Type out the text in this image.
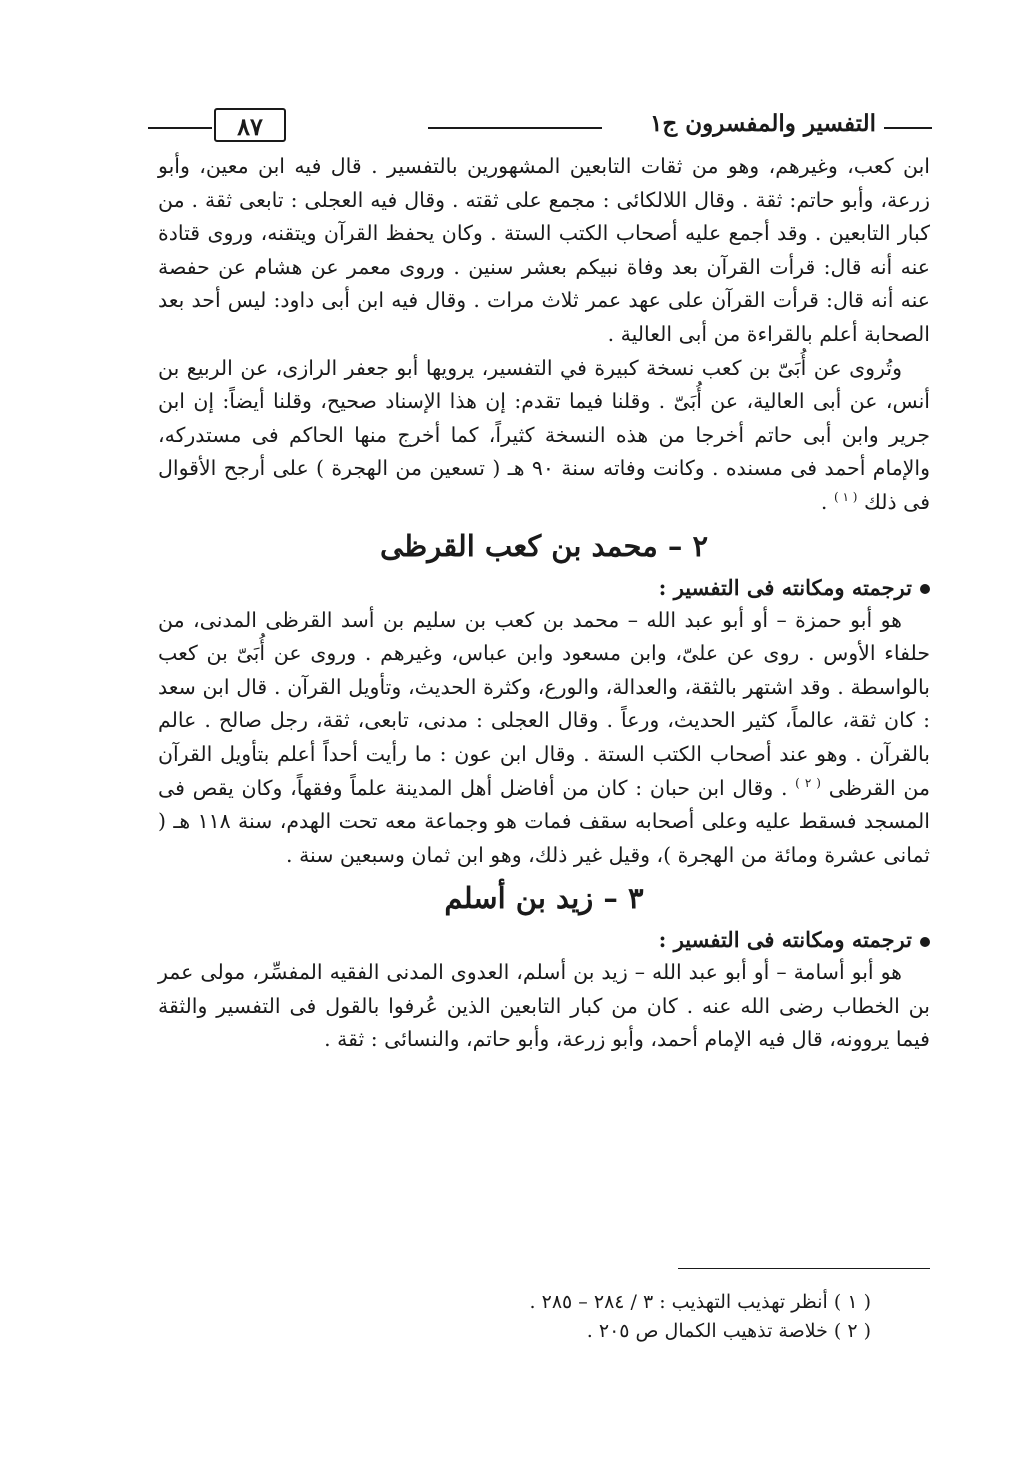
التفسير والمفسرون ج١
٨٧

ابن كعب، وغيرهم، وهو من ثقات التابعين المشهورين بالتفسير . قال فيه ابن معين، وأبو زرعة، وأبو حاتم: ثقة . وقال اللالكائى : مجمع على ثقته . وقال فيه العجلى : تابعى ثقة . من كبار التابعين . وقد أجمع عليه أصحاب الكتب الستة . وكان يحفظ القرآن ويتقنه، وروى قتادة عنه أنه قال: قرأت القرآن بعد وفاة نبيكم بعشر سنين . وروى معمر عن هشام عن حفصة عنه أنه قال: قرأت القرآن على عهد عمر ثلاث مرات . وقال فيه ابن أبى داود: ليس أحد بعد الصحابة أعلم بالقراءة من أبى العالية .

وتُروى عن أُبَىّ بن كعب نسخة كبيرة في التفسير، يرويها أبو جعفر الرازى، عن الربيع بن أنس، عن أبى العالية، عن أُبَىّ . وقلنا فيما تقدم: إن هذا الإسناد صحيح، وقلنا أيضاً: إن ابن جرير وابن أبى حاتم أخرجا من هذه النسخة كثيراً، كما أخرج منها الحاكم فى مستدركه، والإمام أحمد فى مسنده . وكانت وفاته سنة ٩٠ هـ ( تسعين من الهجرة ) على أرجح الأقوال فى ذلك $^{( ١ )}$ .

٢ – محمد بن كعب القرظى

ترجمته ومكانته فى التفسير :

هو أبو حمزة – أو أبو عبد الله – محمد بن كعب بن سليم بن أسد القرظى المدنى، من حلفاء الأوس . روى عن علىّ، وابن مسعود وابن عباس، وغيرهم . وروى عن أُبَىّ بن كعب بالواسطة . وقد اشتهر بالثقة، والعدالة، والورع، وكثرة الحديث، وتأويل القرآن . قال ابن سعد : كان ثقة، عالماً، كثير الحديث، ورعاً . وقال العجلى : مدنى، تابعى، ثقة، رجل صالح . عالم بالقرآن . وهو عند أصحاب الكتب الستة . وقال ابن عون : ما رأيت أحداً أعلم بتأويل القرآن من القرظى $^{( ٢ )}$ . وقال ابن حبان : كان من أفاضل أهل المدينة علماً وفقهاً، وكان يقص فى المسجد فسقط عليه وعلى أصحابه سقف فمات هو وجماعة معه تحت الهدم، سنة ١١٨ هـ ( ثمانى عشرة ومائة من الهجرة )، وقيل غير ذلك، وهو ابن ثمان وسبعين سنة .

٣ – زيد بن أسلم

ترجمته ومكانته فى التفسير :

هو أبو أسامة – أو أبو عبد الله – زيد بن أسلم، العدوى المدنى الفقيه المفسِّر، مولى عمر بن الخطاب رضى الله عنه . كان من كبار التابعين الذين عُرفوا بالقول فى التفسير والثقة فيما يروونه، قال فيه الإمام أحمد، وأبو زرعة، وأبو حاتم، والنسائى : ثقة .

( ١ ) أنظر تهذيب التهذيب : ٣ / ٢٨٤ – ٢٨٥ .

( ٢ ) خلاصة تذهيب الكمال ص ٢٠٥ .
